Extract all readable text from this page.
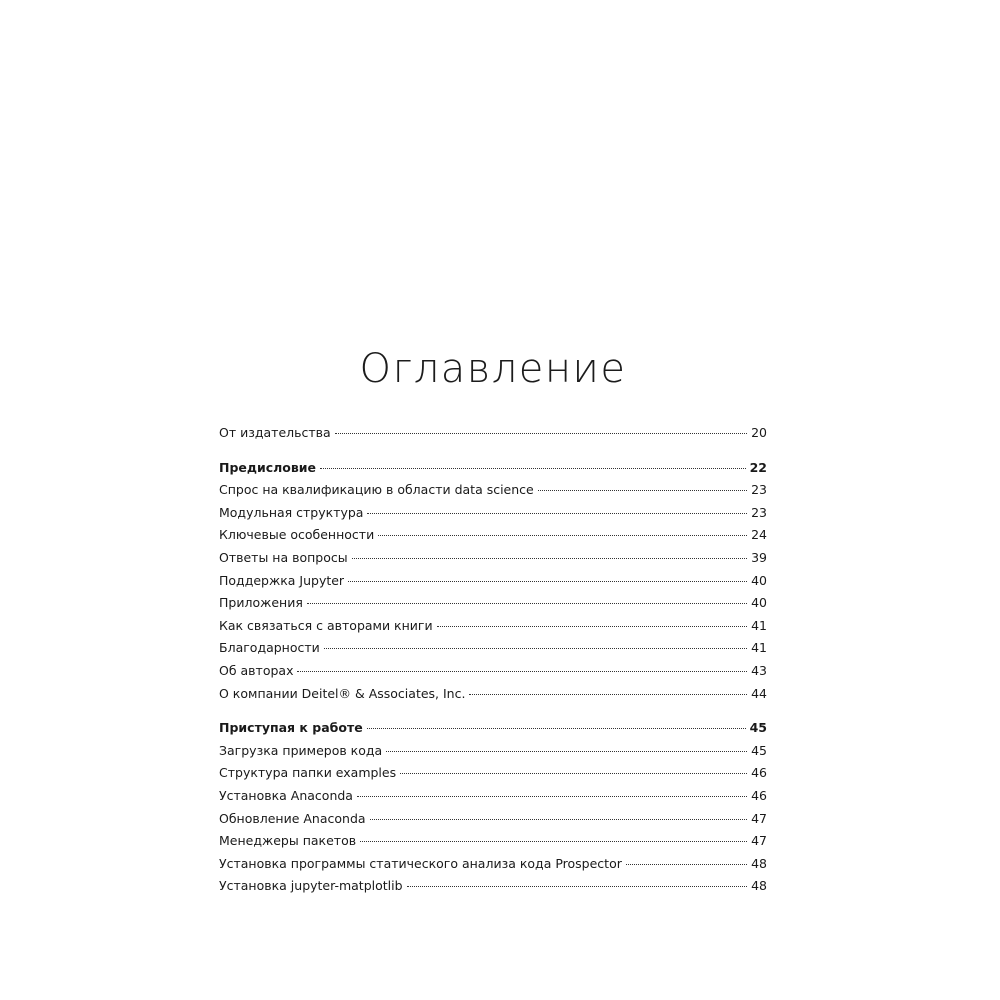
Оглавление
От издательства	20
Предисловие	22
Спрос на квалификацию в области data science	23
Модульная структура	23
Ключевые особенности	24
Ответы на вопросы	39
Поддержка Jupyter	40
Приложения	40
Как связаться с авторами книги	41
Благодарности	41
Об авторах	43
О компании Deitel® & Associates, Inc.	44
Приступая к работе	45
Загрузка примеров кода	45
Структура папки examples	46
Установка Anaconda	46
Обновление Anaconda	47
Менеджеры пакетов	47
Установка программы статического анализа кода Prospector	48
Установка jupyter-matplotlib	48
